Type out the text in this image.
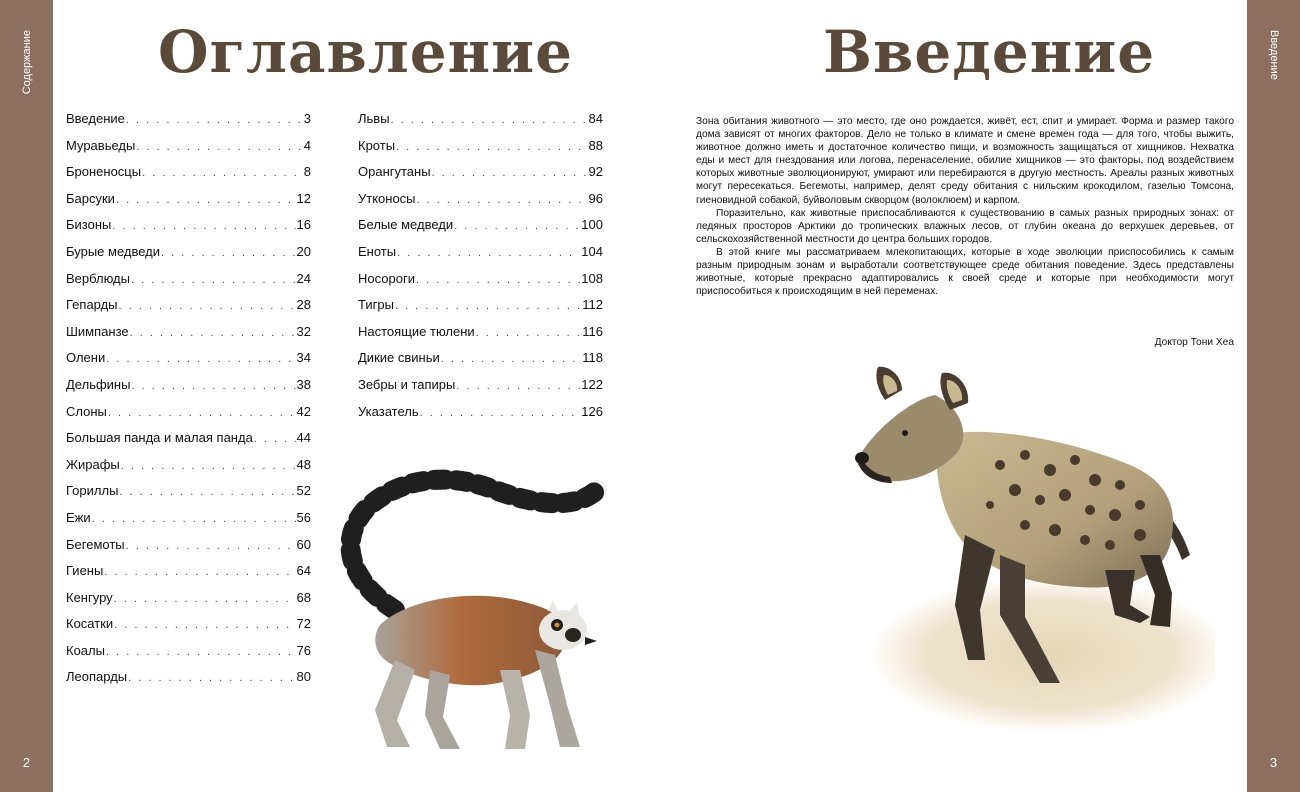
Содержание
2
Введение
3
Оглавление
Введение . . .	3
Муравьеды . . .	4
Броненосцы . . .	8
Барсуки . . .	12
Бизоны . . .	16
Бурые медведи . . .	20
Верблюды . . .	24
Гепарды . . .	28
Шимпанзе . . .	32
Олени . . .	34
Дельфины . . .	38
Слоны . . .	42
Большая панда и малая панда . . .	44
Жирафы . . .	48
Гориллы . . .	52
Ежи . . .	56
Бегемоты . . .	60
Гиены . . .	64
Кенгуру . . .	68
Косатки . . .	72
Коалы . . .	76
Леопарды . . .	80
Львы . . .	84
Кроты . . .	88
Орангутаны . . .	92
Утконосы . . .	96
Белые медведи . . .	100
Еноты . . .	104
Носороги . . .	108
Тигры . . .	112
Настоящие тюлени . . .	116
Дикие свиньи . . .	118
Зебры и тапиры . . .	122
Указатель . . .	126
Введение

Зона обитания животного — это место, где оно рождается, живёт, ест, спит и умирает. Форма и размер такого дома зависят от многих факторов. Дело не только в климате и смене времен года — для того, чтобы выжить, животное должно иметь и достаточное количество пищи, и возможность защищаться от хищников. Нехватка еды и мест для гнездования или логова, перенаселение, обилие хищников — это факторы, под воздействием которых животные эволюционируют, умирают или перебираются в другую местность. Ареалы разных животных могут пересекаться. Бегемоты, например, делят среду обитания с нильским крокодилом, газелью Томсона, гиеновидной собакой, буйволовым скворцом (волоклюем) и карпом.

Поразительно, как животные приспосабливаются к существованию в самых разных природных зонах: от ледяных просторов Арктики до тропических влажных лесов, от глубин океана до верхушек деревьев, от сельскохозяйственной местности до центра больших городов.

В этой книге мы рассматриваем млекопитающих, которые в ходе эволюции приспособились к самым разным природным зонам и выработали соответствующее среде обитания поведение. Здесь представлены животные, которые прекрасно адаптировались к своей среде и которые при необходимости могут приспособиться к происходящим в ней переменах.

Доктор Тони Хеа
